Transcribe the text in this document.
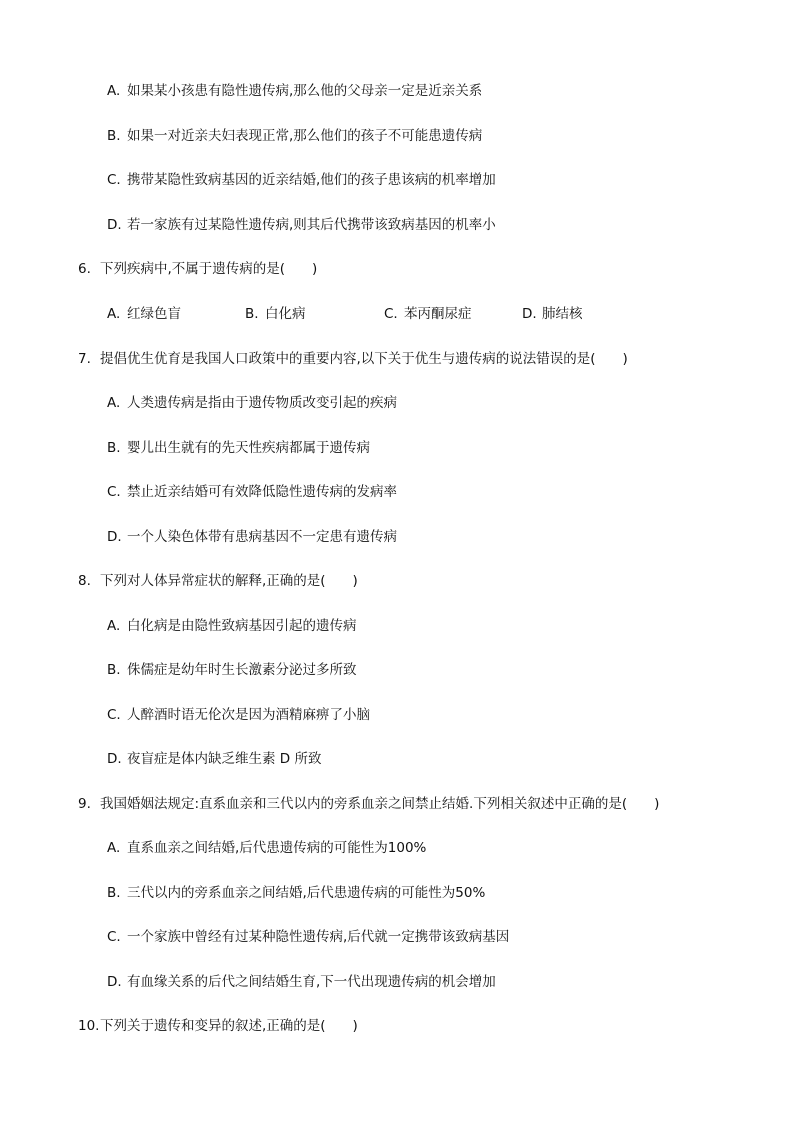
A. 如果某小孩患有隐性遗传病,那么他的父母亲一定是近亲关系
B. 如果一对近亲夫妇表现正常,那么他们的孩子不可能患遗传病
C. 携带某隐性致病基因的近亲结婚,他们的孩子患该病的机率增加
D. 若一家族有过某隐性遗传病,则其后代携带该致病基因的机率小
6. 下列疾病中,不属于遗传病的是(　　)
A. 红绿色盲	B. 白化病	C. 苯丙酮尿症	D. 肺结核
7. 提倡优生优育是我国人口政策中的重要内容,以下关于优生与遗传病的说法错误的是(　　)
A. 人类遗传病是指由于遗传物质改变引起的疾病
B. 婴儿出生就有的先天性疾病都属于遗传病
C. 禁止近亲结婚可有效降低隐性遗传病的发病率
D. 一个人染色体带有患病基因不一定患有遗传病
8. 下列对人体异常症状的解释,正确的是(　　)
A. 白化病是由隐性致病基因引起的遗传病
B. 侏儒症是幼年时生长激素分泌过多所致
C. 人醉酒时语无伦次是因为酒精麻痹了小脑
D. 夜盲症是体内缺乏维生素 D 所致
9. 我国婚姻法规定:直系血亲和三代以内的旁系血亲之间禁止结婚.下列相关叙述中正确的是(　　)
A. 直系血亲之间结婚,后代患遗传病的可能性为100%
B. 三代以内的旁系血亲之间结婚,后代患遗传病的可能性为50%
C. 一个家族中曾经有过某种隐性遗传病,后代就一定携带该致病基因
D. 有血缘关系的后代之间结婚生育,下一代出现遗传病的机会增加
10.下列关于遗传和变异的叙述,正确的是(　　)
